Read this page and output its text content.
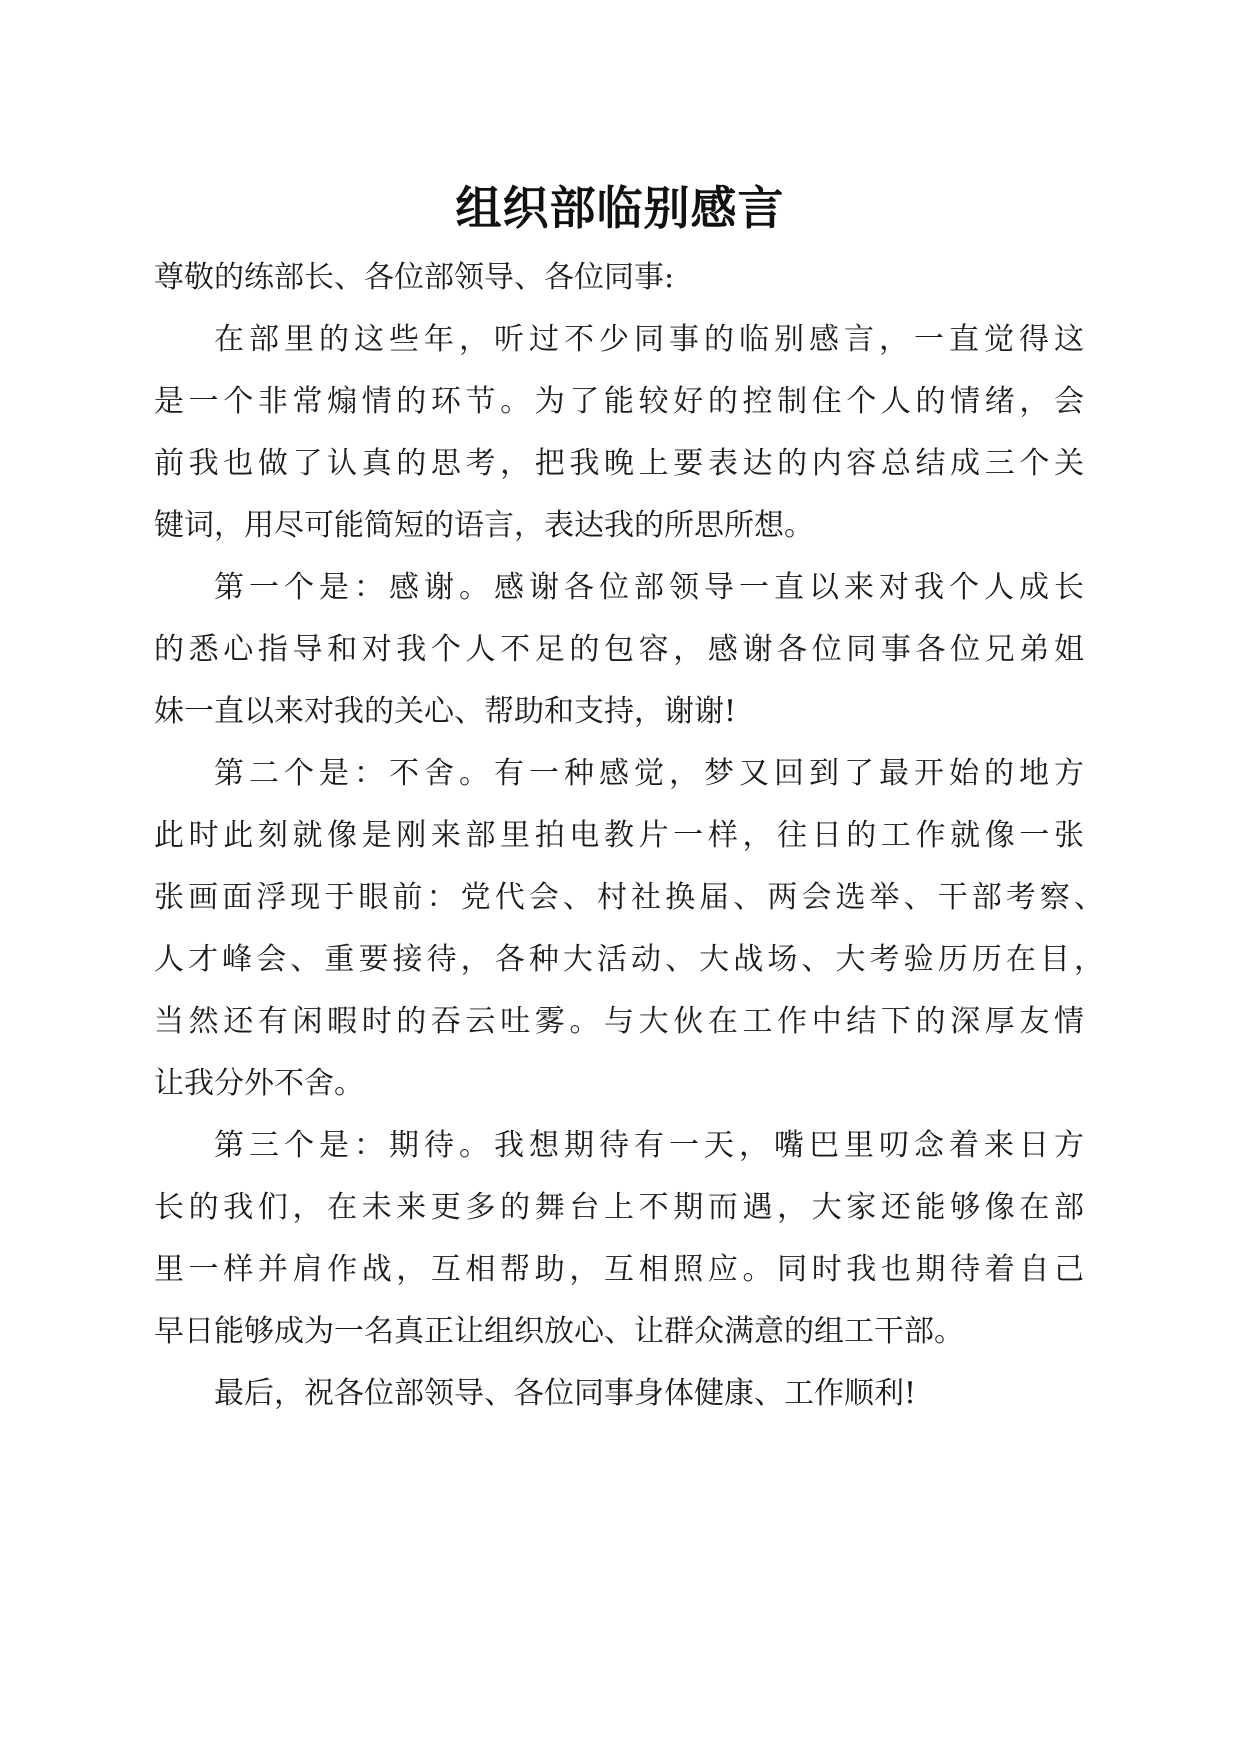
组织部临别感言
尊敬的练部长、各位部领导、各位同事:
在部里的这些年，听过不少同事的临别感言，一直觉得这
是一个非常煽情的环节。为了能较好的控制住个人的情绪，会
前我也做了认真的思考，把我晚上要表达的内容总结成三个关
键词，用尽可能简短的语言，表达我的所思所想。
第一个是：感谢。感谢各位部领导一直以来对我个人成长
的悉心指导和对我个人不足的包容，感谢各位同事各位兄弟姐
妹一直以来对我的关心、帮助和支持，谢谢!
第二个是：不舍。有一种感觉，梦又回到了最开始的地方
此时此刻就像是刚来部里拍电教片一样，往日的工作就像一张
张画面浮现于眼前：党代会、村社换届、两会选举、干部考察、
人才峰会、重要接待，各种大活动、大战场、大考验历历在目，
当然还有闲暇时的吞云吐雾。与大伙在工作中结下的深厚友情
让我分外不舍。
第三个是：期待。我想期待有一天，嘴巴里叨念着来日方
长的我们，在未来更多的舞台上不期而遇，大家还能够像在部
里一样并肩作战，互相帮助，互相照应。同时我也期待着自己
早日能够成为一名真正让组织放心、让群众满意的组工干部。
最后，祝各位部领导、各位同事身体健康、工作顺利!
